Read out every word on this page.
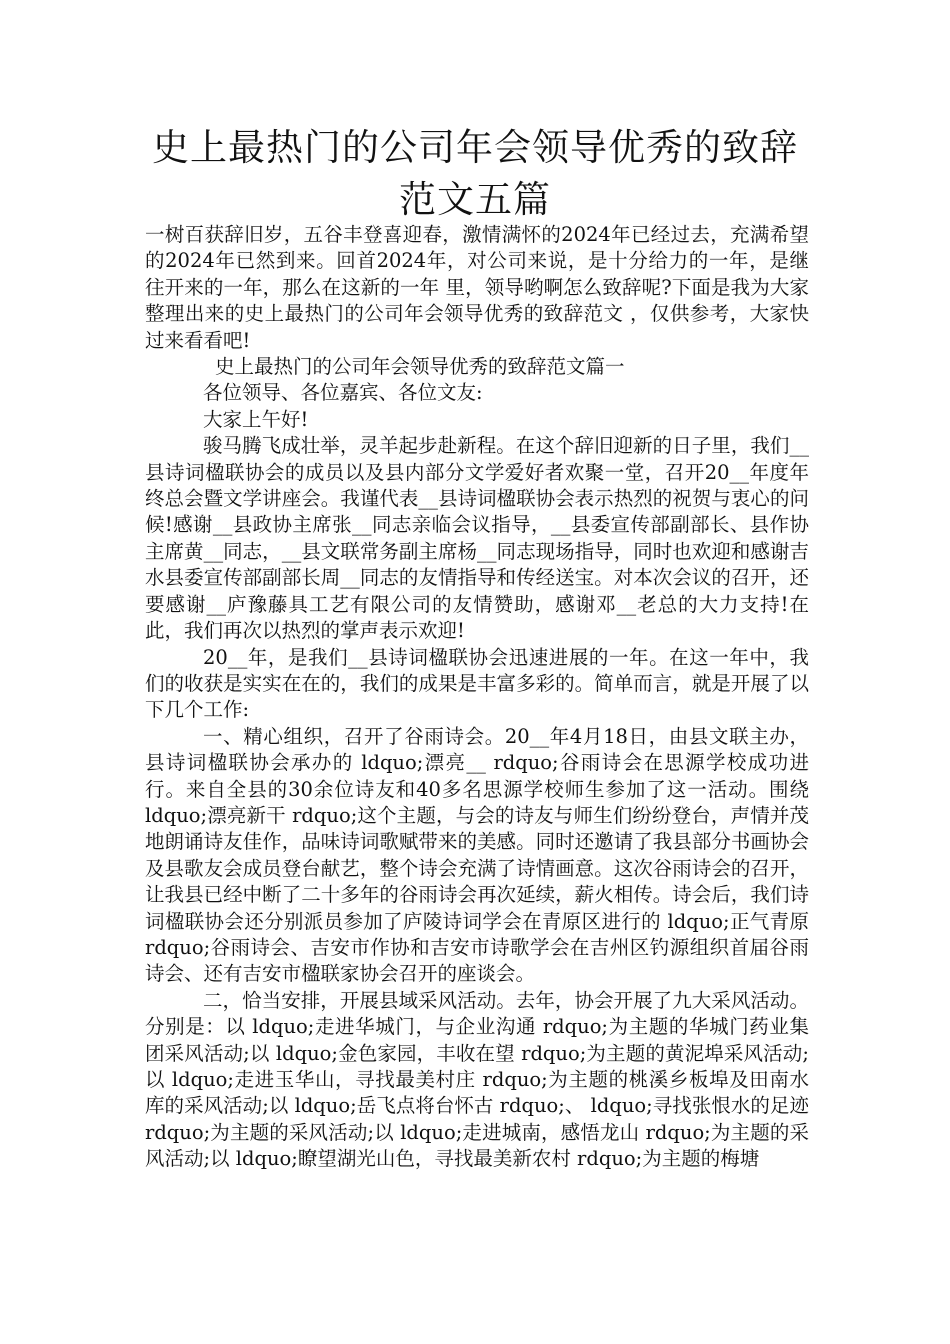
史上最热门的公司年会领导优秀的致辞范文五篇

一树百获辞旧岁，五谷丰登喜迎春，激情满怀的2024年已经过去，充满希望的2024年已然到来。回首2024年，对公司来说，是十分给力的一年，是继往开来的一年，那么在这新的一年 里，领导哟啊怎么致辞呢?下面是我为大家整理出来的史上最热门的公司年会领导优秀的致辞范文 ，仅供参考，大家快过来看看吧!

史上最热门的公司年会领导优秀的致辞范文篇一

各位领导、各位嘉宾、各位文友:

大家上午好!

骏马腾飞成壮举，灵羊起步赴新程。在这个辞旧迎新的日子里，我们__县诗词楹联协会的成员以及县内部分文学爱好者欢聚一堂，召开20__年度年终总会暨文学讲座会。我谨代表__县诗词楹联协会表示热烈的祝贺与衷心的问候!感谢__县政协主席张__同志亲临会议指导，__县委宣传部副部长、县作协主席黄__同志，__县文联常务副主席杨__同志现场指导，同时也欢迎和感谢吉水县委宣传部副部长周__同志的友情指导和传经送宝。对本次会议的召开，还要感谢__庐豫藤具工艺有限公司的友情赞助，感谢邓__老总的大力支持!在此，我们再次以热烈的掌声表示欢迎!

20__年，是我们__县诗词楹联协会迅速进展的一年。在这一年中，我们的收获是实实在在的，我们的成果是丰富多彩的。简单而言，就是开展了以下几个工作:

一、精心组织，召开了谷雨诗会。20__年4月18日，由县文联主办，县诗词楹联协会承办的 ldquo;漂亮__ rdquo;谷雨诗会在思源学校成功进行。来自全县的30余位诗友和40多名思源学校师生参加了这一活动。围绕 ldquo;漂亮新干 rdquo;这个主题，与会的诗友与师生们纷纷登台，声情并茂地朗诵诗友佳作，品味诗词歌赋带来的美感。同时还邀请了我县部分书画协会及县歌友会成员登台献艺，整个诗会充满了诗情画意。这次谷雨诗会的召开，让我县已经中断了二十多年的谷雨诗会再次延续，薪火相传。诗会后，我们诗词楹联协会还分别派员参加了庐陵诗词学会在青原区进行的 ldquo;正气青原 rdquo;谷雨诗会、吉安市作协和吉安市诗歌学会在吉州区钓源组织首届谷雨诗会、还有吉安市楹联家协会召开的座谈会。

二，恰当安排，开展县域采风活动。去年，协会开展了九大采风活动。分别是：以 ldquo;走进华城门，与企业沟通 rdquo;为主题的华城门药业集团采风活动;以 ldquo;金色家园，丰收在望 rdquo;为主题的黄泥埠采风活动;以 ldquo;走进玉华山，寻找最美村庄 rdquo;为主题的桃溪乡板埠及田南水库的采风活动;以 ldquo;岳飞点将台怀古 rdquo;、 ldquo;寻找张恨水的足迹 rdquo;为主题的采风活动;以 ldquo;走进城南，感悟龙山 rdquo;为主题的采风活动;以 ldquo;瞭望湖光山色，寻找最美新农村 rdquo;为主题的梅塘
